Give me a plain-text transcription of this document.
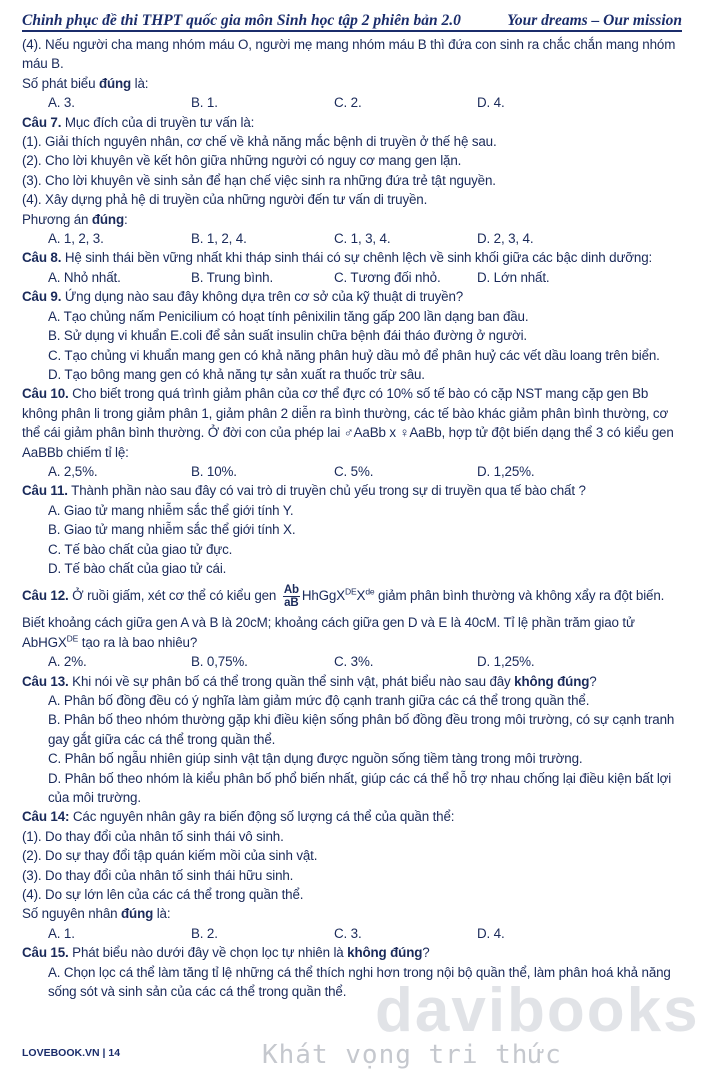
Chinh phục đề thi THPT quốc gia môn Sinh học tập 2 phiên bản 2.0	Your dreams – Our mission
(4). Nếu người cha mang nhóm máu O, người mẹ mang nhóm máu B thì đứa con sinh ra chắc chắn mang nhóm máu B.
Số phát biểu đúng là:
A. 3.	B. 1.	C. 2.	D. 4.
Câu 7. Mục đích của di truyền tư vấn là:
(1). Giải thích nguyên nhân, cơ chế về khả năng mắc bệnh di truyền ở thế hệ sau.
(2). Cho lời khuyên về kết hôn giữa những người có nguy cơ mang gen lặn.
(3). Cho lời khuyên về sinh sản để hạn chế việc sinh ra những đứa trẻ tật nguyền.
(4). Xây dựng phả hệ di truyền của những người đến tư vấn di truyền.
Phương án đúng:
A. 1, 2, 3.	B. 1, 2, 4.	C. 1, 3, 4.	D. 2, 3, 4.
Câu 8. Hệ sinh thái bền vững nhất khi tháp sinh thái có sự chênh lệch về sinh khối giữa các bậc dinh dưỡng:
A. Nhỏ nhất.	B. Trung bình.	C. Tương đối nhỏ.	D. Lớn nhất.
Câu 9. Ứng dụng nào sau đây không dựa trên cơ sở của kỹ thuật di truyền?
A. Tạo chủng nấm Penicilium có hoạt tính pênixilin tăng gấp 200 lần dạng ban đầu.
B. Sử dụng vi khuẩn E.coli để sản suất insulin chữa bệnh đái tháo đường ở người.
C. Tạo chủng vi khuẩn mang gen có khả năng phân huỷ dầu mỏ để phân huỷ các vết dầu loang trên biển.
D. Tạo bông mang gen có khả năng tự sản xuất ra thuốc trừ sâu.
Câu 10. Cho biết trong quá trình giảm phân của cơ thể đực có 10% số tế bào có cặp NST mang cặp gen Bb không phân li trong giảm phân 1, giảm phân 2 diễn ra bình thường, các tế bào khác giảm phân bình thường, cơ thể cái giảm phân bình thường. Ở đời con của phép lai ♂AaBb x ♀AaBb, hợp tử đột biến dạng thể 3 có kiểu gen AaBBb chiếm tỉ lệ:
A. 2,5%.	B. 10%.	C. 5%.	D. 1,25%.
Câu 11. Thành phần nào sau đây có vai trò di truyền chủ yếu trong sự di truyền qua tế bào chất ?
A. Giao tử mang nhiễm sắc thể giới tính Y.
B. Giao tử mang nhiễm sắc thể giới tính X.
C. Tế bào chất của giao tử đực.
D. Tế bào chất của giao tử cái.
Câu 12. Ở ruồi giấm, xét cơ thể có kiểu gen $\frac{Ab}{aB}$ HhGgX$^{DE}$Xde giảm phân bình thường và không xẩy ra đột biến.
Biết khoảng cách giữa gen A và B là 20cM; khoảng cách giữa gen D và E là 40cM. Tỉ lệ phần trăm giao tử AbHGX$^{DE}$ tạo ra là bao nhiêu?
A. 2%.	B. 0,75%.	C. 3%.	D. 1,25%.
Câu 13. Khi nói về sự phân bố cá thể trong quần thể sinh vật, phát biểu nào sau đây không đúng?
A. Phân bố đồng đều có ý nghĩa làm giảm mức độ cạnh tranh giữa các cá thể trong quần thể.
B. Phân bố theo nhóm thường gặp khi điều kiện sống phân bố đồng đều trong môi trường, có sự cạnh tranh gay gắt giữa các cá thể trong quần thể.
C. Phân bố ngẫu nhiên giúp sinh vật tận dụng được nguồn sống tiềm tàng trong môi trường.
D. Phân bố theo nhóm là kiểu phân bố phổ biến nhất, giúp các cá thể hỗ trợ nhau chống lại điều kiện bất lợi của môi trường.
Câu 14: Các nguyên nhân gây ra biến động số lượng cá thể của quần thể:
(1). Do thay đổi của nhân tố sinh thái vô sinh.
(2). Do sự thay đổi tập quán kiếm mồi của sinh vật.
(3). Do thay đổi của nhân tố sinh thái hữu sinh.
(4). Do sự lớn lên của các cá thể trong quần thể.
Số nguyên nhân đúng là:
A. 1.	B. 2.	C. 3.	D. 4.
Câu 15. Phát biểu nào dưới đây về chọn lọc tự nhiên là không đúng?
A. Chọn lọc cá thể làm tăng tỉ lệ những cá thể thích nghi hơn trong nội bộ quần thể, làm phân hoá khả năng sống sót và sinh sản của các cá thể trong quần thể. davibooks
Khát vọng tri thức
LOVEBOOK.VN | 14
